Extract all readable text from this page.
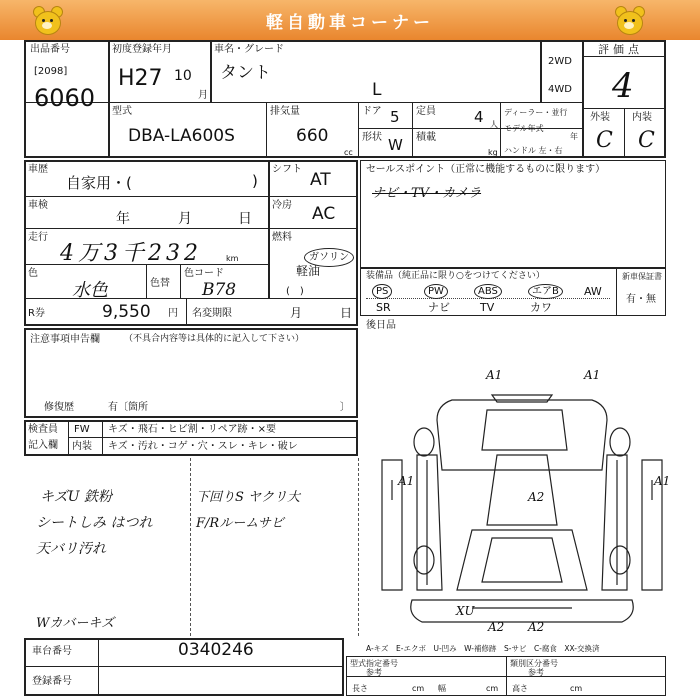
軽自動車コーナー
出品番号
[2098]
6060
初度登録年月
H27 10
月
車名・グレード
タント
L
2WD
4WD
評価点
4
外装 内装
C C
型式
DBA-LA600S
排気量
660
cc
ドア 5 定員	4 人
形状 W 積載
kg
ディーラー・並行
モデル年式
年
ハンドル 左・右
車歴
自家用・(	)
シフト
AT
車検
年	月	日
冷房 AC
走行
4万3千232	km
燃料
ガソリン
軽油
(　)
色
水色	色替
色コード
B78
R券	9,550 円 名変期限	月	日
セールスポイント（正常に機能するものに限ります）
ナビ・TV・カメラ
装備品（純正品に限り○をつけてください）
PS	PW	ABS	エアB	AW
SR	ナビ	TV	カワ
新車保証書
有・無
後日品
注意事項申告欄	（不具合内容等は具体的に記入して下さい）
修復歴	有〔箇所	〕
検査員
記入欄
FW
内装
キズ・飛石・ヒビ割・リペア跡・×要
キズ・汚れ・コゲ・穴・スレ・キレ・破レ
キズU 鉄粉
シートしみ はつれ
天バリ汚れ
下回りS ヤクリ大
F/Rルームサビ
Wカバーキズ
A1	A1
A1	A1
A2
XU
A2 A2
A-キズ　E-エクボ　U-凹み　W-補修跡　S-サビ　C-腐食　XX-交換済
車台番号	0340246
登録番号
型式指定番号
参考
類別区分番号
参考
長さ	cm 幅	cm 高さ	cm
